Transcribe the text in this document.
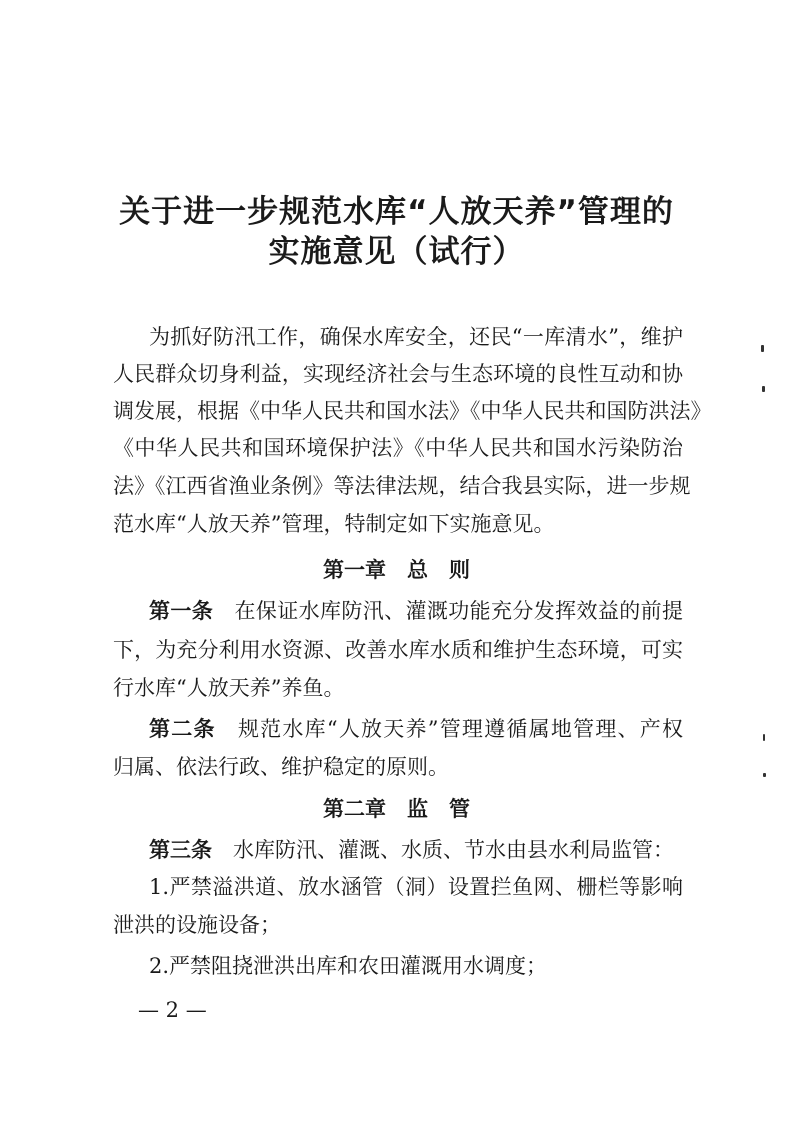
关于进一步规范水库“人放天养”管理的
实施意见（试行）
为抓好防汛工作，确保水库安全，还民“一库清水”，维护
人民群众切身利益，实现经济社会与生态环境的良性互动和协
调发展，根据《中华人民共和国水法》《中华人民共和国防洪法》
《中华人民共和国环境保护法》《中华人民共和国水污染防治
法》《江西省渔业条例》等法律法规，结合我县实际，进一步规
范水库“人放天养”管理，特制定如下实施意见。
第一章　总　则
第一条　 在保证水库防汛、灌溉功能充分发挥效益的前提
下，为充分利用水资源、改善水库水质和维护生态环境，可实
行水库“人放天养”养鱼。
第二条　 规范水库“人放天养”管理遵循属地管理、产权
归属、依法行政、维护稳定的原则。
第二章　监　管
第三条　 水库防汛、灌溉、水质、节水由县水利局监管：
1.严禁溢洪道、放水涵管（洞）设置拦鱼网、栅栏等影响
泄洪的设施设备；
2.严禁阻挠泄洪出库和农田灌溉用水调度；
— 2 —
